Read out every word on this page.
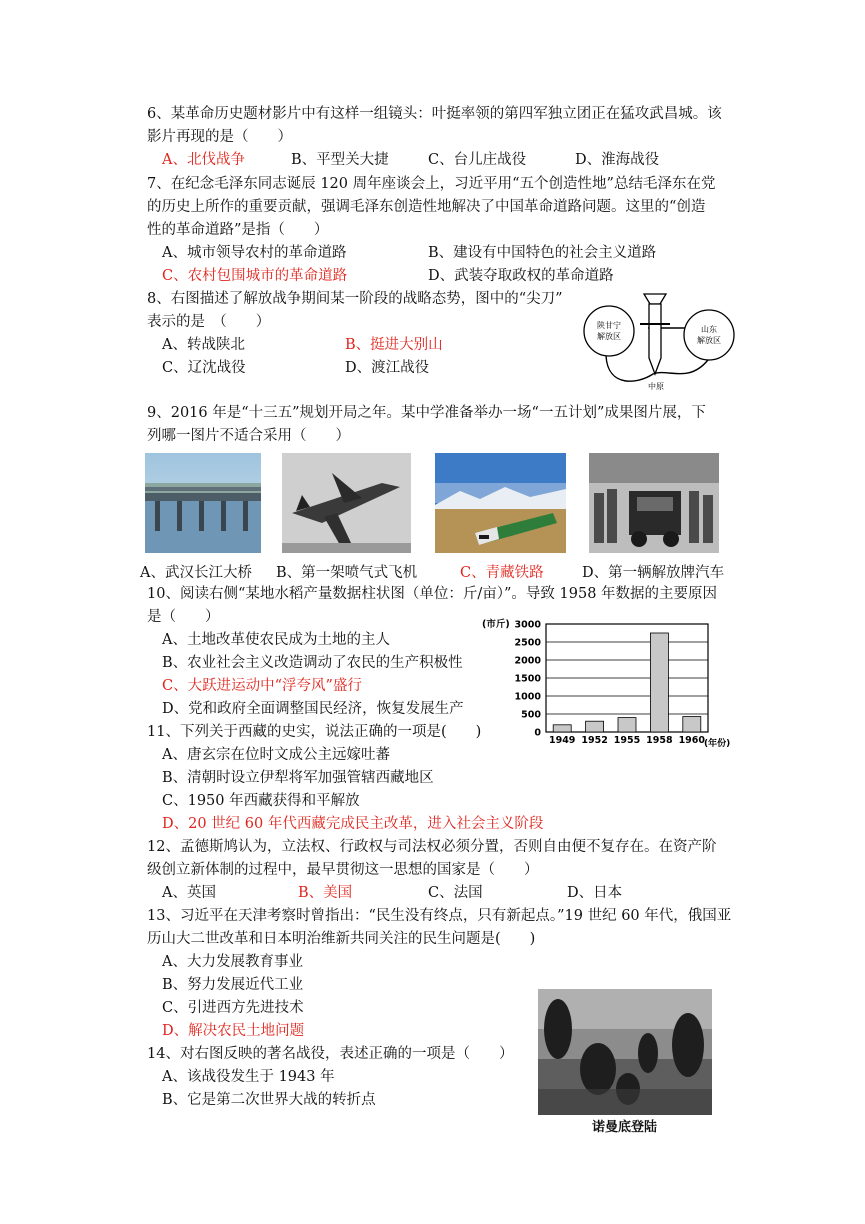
6、某革命历史题材影片中有这样一组镜头：叶挺率领的第四军独立团正在猛攻武昌城。该
影片再现的是（　　）
A、北伐战争	B、平型关大捷	C、台儿庄战役	D、淮海战役
7、在纪念毛泽东同志诞辰 120 周年座谈会上，习近平用“五个创造性地”总结毛泽东在党
的历史上所作的重要贡献，强调毛泽东创造性地解决了中国革命道路问题。这里的“创造
性的革命道路”是指（　　）
A、城市领导农村的革命道路	B、建设有中国特色的社会主义道路
C、农村包围城市的革命道路	D、武装夺取政权的革命道路
8、右图描述了解放战争期间某一阶段的战略态势，图中的“尖刀”
表示的是　（　　）
A、转战陕北	B、挺进大别山
C、辽沈战役	D、渡江战役
陕甘宁
解放区
山东
解放区
中原
9、2016 年是“十三五”规划开局之年。某中学准备举办一场“一五计划”成果图片展，下
列哪一图片不适合采用（　　）
A、武汉长江大桥 B、第一架喷气式飞机	C、青藏铁路	D、第一辆解放牌汽车
10、阅读右侧“某地水稻产量数据柱状图（单位：斤/亩）”。导致 1958 年数据的主要原因
是（　　）
A、土地改革使农民成为土地的主人
B、农业社会主义改造调动了农民的生产积极性
C、大跃进运动中“浮夸风”盛行
D、党和政府全面调整国民经济，恢复发展生产
(市斤)
0
500
1000
1500
2000
2500
3000
1949 1952 1955 1958 1960
(年份)
11、下列关于西藏的史实，说法正确的一项是(　　)
A、唐玄宗在位时文成公主远嫁吐蕃
B、清朝时设立伊犁将军加强管辖西藏地区
C、1950 年西藏获得和平解放
D、20 世纪 60 年代西藏完成民主改革，进入社会主义阶段
12、孟德斯鸠认为，立法权、行政权与司法权必须分置，否则自由便不复存在。在资产阶
级创立新体制的过程中，最早贯彻这一思想的国家是（　　）
A、英国	B、美国	C、法国	D、日本
13、习近平在天津考察时曾指出：“民生没有终点，只有新起点。”19 世纪 60 年代，俄国亚
历山大二世改革和日本明治维新共同关注的民生问题是(　　)
A、大力发展教育事业
B、努力发展近代工业
C、引进西方先进技术
D、解决农民土地问题
14、对右图反映的著名战役，表述正确的一项是（　　）
A、该战役发生于 1943 年
B、它是第二次世界大战的转折点
诺曼底登陆
